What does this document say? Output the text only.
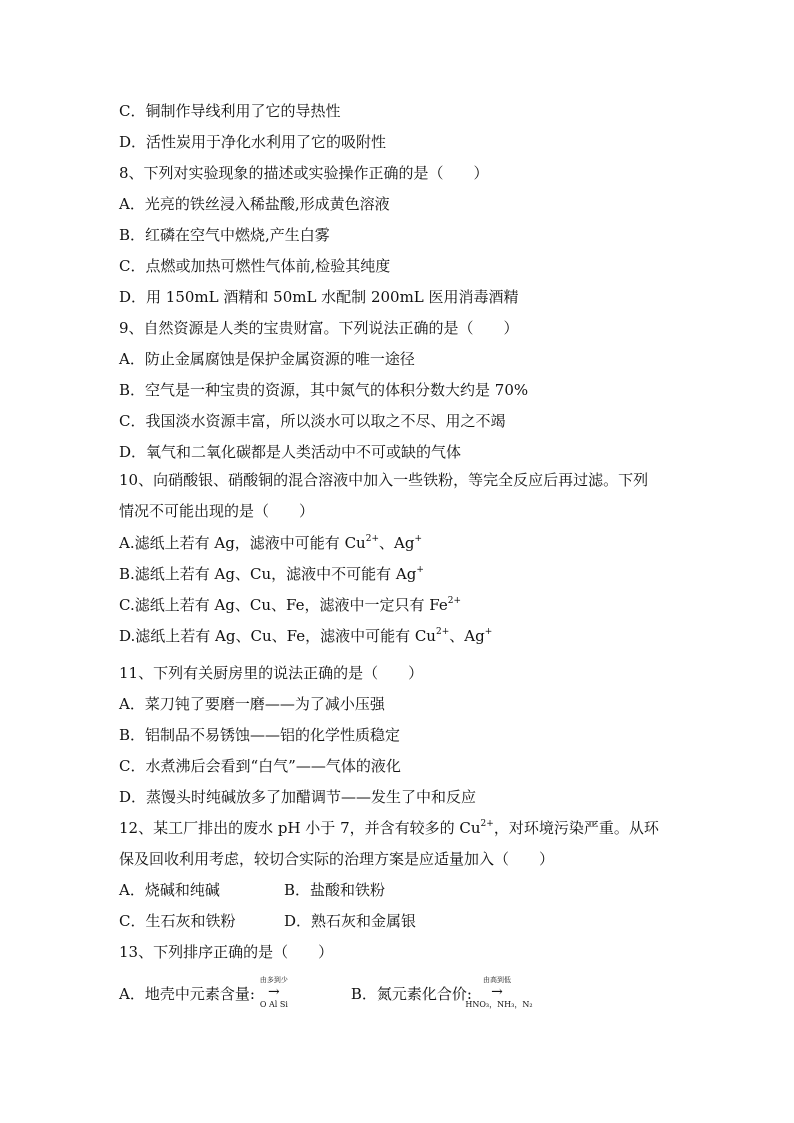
C．铜制作导线利用了它的导热性
D．活性炭用于净化水利用了它的吸附性
8、下列对实验现象的描述或实验操作正确的是（　　）
A．光亮的铁丝浸入稀盐酸,形成黄色溶液
B．红磷在空气中燃烧,产生白雾
C．点燃或加热可燃性气体前,检验其纯度
D．用 150mL 酒精和 50mL 水配制 200mL 医用消毒酒精
9、自然资源是人类的宝贵财富。下列说法正确的是（　　）
A．防止金属腐蚀是保护金属资源的唯一途径
B．空气是一种宝贵的资源，其中氮气的体积分数大约是 70%
C．我国淡水资源丰富，所以淡水可以取之不尽、用之不竭
D．氧气和二氧化碳都是人类活动中不可或缺的气体
10、向硝酸银、硝酸铜的混合溶液中加入一些铁粉，等完全反应后再过滤。下列
情况不可能出现的是（　　）
A.滤纸上若有 Ag，滤液中可能有 $Cu^{2+}$、Ag+
B.滤纸上若有 Ag、Cu，滤液中不可能有 Ag+
C.滤纸上若有 Ag、Cu、Fe，滤液中一定只有 $Fe^{2+}$
D.滤纸上若有 Ag、Cu、Fe，滤液中可能有 $Cu^{2+}$、Ag+
11、下列有关厨房里的说法正确的是（　　）
A．菜刀钝了要磨一磨——为了减小压强
B．铝制品不易锈蚀——铝的化学性质稳定
C．水煮沸后会看到“白气”——气体的液化
D．蒸馒头时纯碱放多了加醋调节——发生了中和反应
12、某工厂排出的废水 pH 小于 7，并含有较多的 $Cu^{2+}$，对环境污染严重。从环
保及回收利用考虑，较切合实际的治理方案是应适量加入（　　）
A．烧碱和纯碱	B．盐酸和铁粉
C．生石灰和铁粉	D．熟石灰和金属银
13、下列排序正确的是（　　）
A．地壳中元素含量:
由多到少
→
O Al Si
B．氮元素化合价:
由高到低
→
HNO₃，NH₃，N₂
